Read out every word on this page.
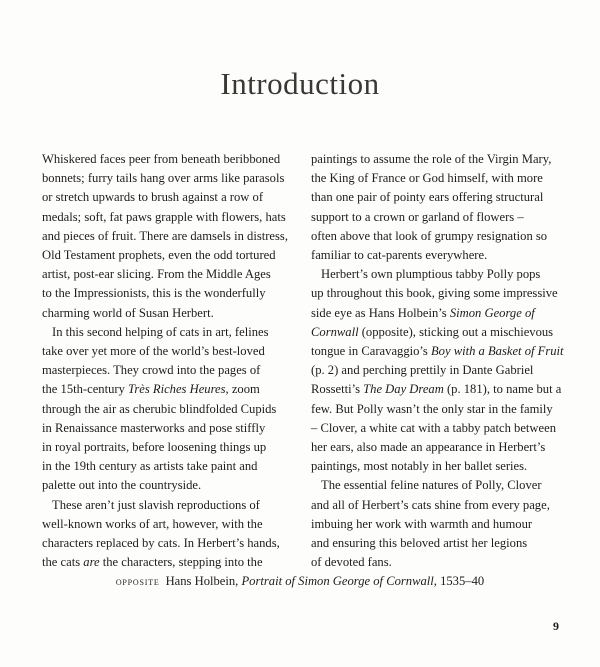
Introduction
Whiskered faces peer from beneath beribboned
bonnets; furry tails hang over arms like parasols
or stretch upwards to brush against a row of
medals; soft, fat paws grapple with flowers, hats
and pieces of fruit. There are damsels in distress,
Old Testament prophets, even the odd tortured
artist, post-ear slicing. From the Middle Ages
to the Impressionists, this is the wonderfully
charming world of Susan Herbert.
In this second helping of cats in art, felines
take over yet more of the world’s best-loved
masterpieces. They crowd into the pages of
the 15th-century Très Riches Heures, zoom
through the air as cherubic blindfolded Cupids
in Renaissance masterworks and pose stiffly
in royal portraits, before loosening things up
in the 19th century as artists take paint and
palette out into the countryside.
These aren’t just slavish reproductions of
well-known works of art, however, with the
characters replaced by cats. In Herbert’s hands,
the cats are the characters, stepping into the
paintings to assume the role of the Virgin Mary,
the King of France or God himself, with more
than one pair of pointy ears offering structural
support to a crown or garland of flowers –
often above that look of grumpy resignation so
familiar to cat-parents everywhere.
Herbert’s own plumptious tabby Polly pops
up throughout this book, giving some impressive
side eye as Hans Holbein’s Simon George of
Cornwall (opposite), sticking out a mischievous
tongue in Caravaggio’s Boy with a Basket of Fruit
(p. 2) and perching prettily in Dante Gabriel
Rossetti’s The Day Dream (p. 181), to name but a
few. But Polly wasn’t the only star in the family
– Clover, a white cat with a tabby patch between
her ears, also made an appearance in Herbert’s
paintings, most notably in her ballet series.
The essential feline natures of Polly, Clover
and all of Herbert’s cats shine from every page,
imbuing her work with warmth and humour
and ensuring this beloved artist her legions
of devoted fans.
OPPOSITE Hans Holbein, Portrait of Simon George of Cornwall, 1535–40
9
